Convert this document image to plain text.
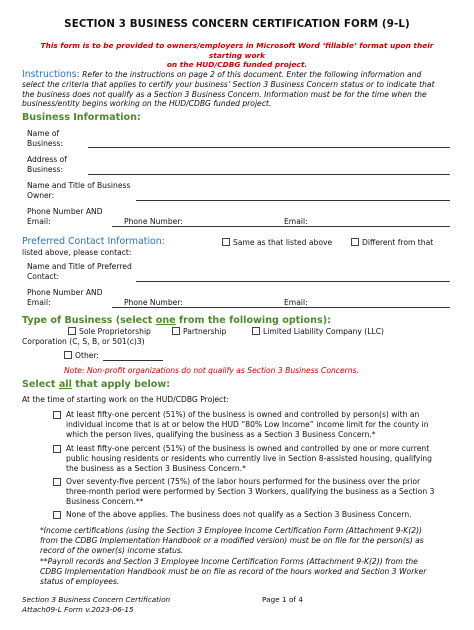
SECTION 3 BUSINESS CONCERN CERTIFICATION FORM (9-L)
This form is to be provided to owners/employers in Microsoft Word ‘fillable’ format upon their starting work
on the HUD/CDBG funded project.
Instructions: Refer to the instructions on page 2 of this document. Enter the following information and
select the criteria that applies to certify your business’ Section 3 Business Concern status or to indicate that
the business does not qualify as a Section 3 Business Concern. Information must be for the time when the
business/entity begins working on the HUD/CDBG funded project.
Business Information:
Name of
Business:
Address of
Business:
Name and Title of Business
Owner:
Phone Number AND
Email:	Phone Number:	Email:
Preferred Contact Information:	Same as that listed above	Different from that
listed above, please contact:
Name and Title of Preferred
Contact:
Phone Number AND
Email:	Phone Number:	Email:
Type of Business (select one from the following options):
Sole Proprietorship	Partnership	Limited Liability Company (LLC)
Corporation (C, S, B, or 501(c)3)
Other:
Note: Non-profit organizations do not qualify as Section 3 Business Concerns.
Select all that apply below:
At the time of starting work on the HUD/CDBG Project:
At least fifty-one percent (51%) of the business is owned and controlled by person(s) with an
individual income that is at or below the HUD “80% Low Income” income limit for the county in
which the person lives, qualifying the business as a Section 3 Business Concern.*
At least fifty-one percent (51%) of the business is owned and controlled by one or more current
public housing residents or residents who currently live in Section 8-assisted housing, qualifying
the business as a Section 3 Business Concern.*
Over seventy-five percent (75%) of the labor hours performed for the business over the prior
three-month period were performed by Section 3 Workers, qualifying the business as a Section 3
Business Concern.**
None of the above applies. The business does not qualify as a Section 3 Business Concern.
*Income certifications (using the Section 3 Employee Income Certification Form (Attachment 9-K(2))
from the CDBG Implementation Handbook or a modified version) must be on file for the person(s) as
record of the owner(s) income status.
**Payroll records and Section 3 Employee Income Certification Forms (Attachment 9-K(2)) from the
CDBG Implementation Handbook must be on file as record of the hours worked and Section 3 Worker
status of employees.
Section 3 Business Concern Certification
Attach09-L Form v.2023-06-15
Page 1 of 4
